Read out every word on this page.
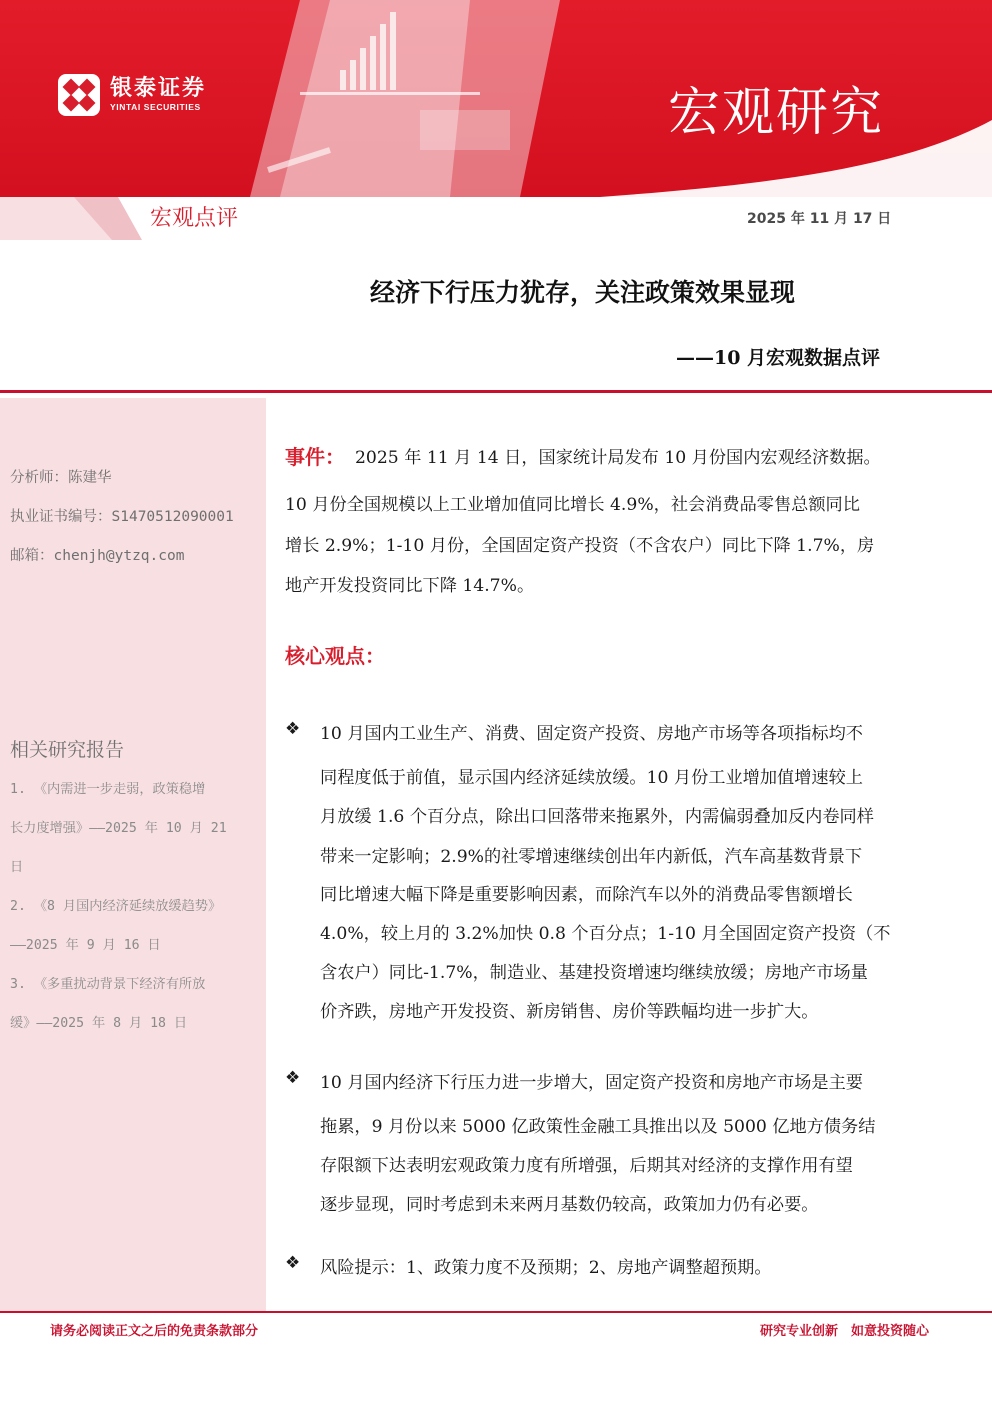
银泰证券
YINTAI SECURITIES	宏观研究
宏观点评	2025 年 11 月 17 日
经济下行压力犹存，关注政策效果显现
——10 月宏观数据点评
分析师：陈建华
执业证书编号：S1470512090001
邮箱：chenjh@ytzq.com
相关研究报告
1. 《内需进一步走弱，政策稳增
长力度增强》——2025 年 10 月 21
日
2. 《8 月国内经济延续放缓趋势》
——2025 年 9 月 16 日
3. 《多重扰动背景下经济有所放
缓》——2025 年 8 月 18 日
事件： 2025 年 11 月 14 日，国家统计局发布 10 月份国内宏观经济数据。
10 月份全国规模以上工业增加值同比增长 4.9%，社会消费品零售总额同比
增长 2.9%；1-10 月份，全国固定资产投资（不含农户）同比下降 1.7%，房
地产开发投资同比下降 14.7%。
核心观点：
❖ 10 月国内工业生产、消费、固定资产投资、房地产市场等各项指标均不
同程度低于前值，显示国内经济延续放缓。10 月份工业增加值增速较上
月放缓 1.6 个百分点，除出口回落带来拖累外，内需偏弱叠加反内卷同样
带来一定影响；2.9%的社零增速继续创出年内新低，汽车高基数背景下
同比增速大幅下降是重要影响因素，而除汽车以外的消费品零售额增长
4.0%，较上月的 3.2%加快 0.8 个百分点；1-10 月全国固定资产投资（不
含农户）同比-1.7%，制造业、基建投资增速均继续放缓；房地产市场量
价齐跌，房地产开发投资、新房销售、房价等跌幅均进一步扩大。
❖ 10 月国内经济下行压力进一步增大，固定资产投资和房地产市场是主要
拖累，9 月份以来 5000 亿政策性金融工具推出以及 5000 亿地方债务结
存限额下达表明宏观政策力度有所增强，后期其对经济的支撑作用有望
逐步显现，同时考虑到未来两月基数仍较高，政策加力仍有必要。
❖ 风险提示：1、政策力度不及预期；2、房地产调整超预期。
请务必阅读正文之后的免责条款部分	研究专业创新　如意投资随心
